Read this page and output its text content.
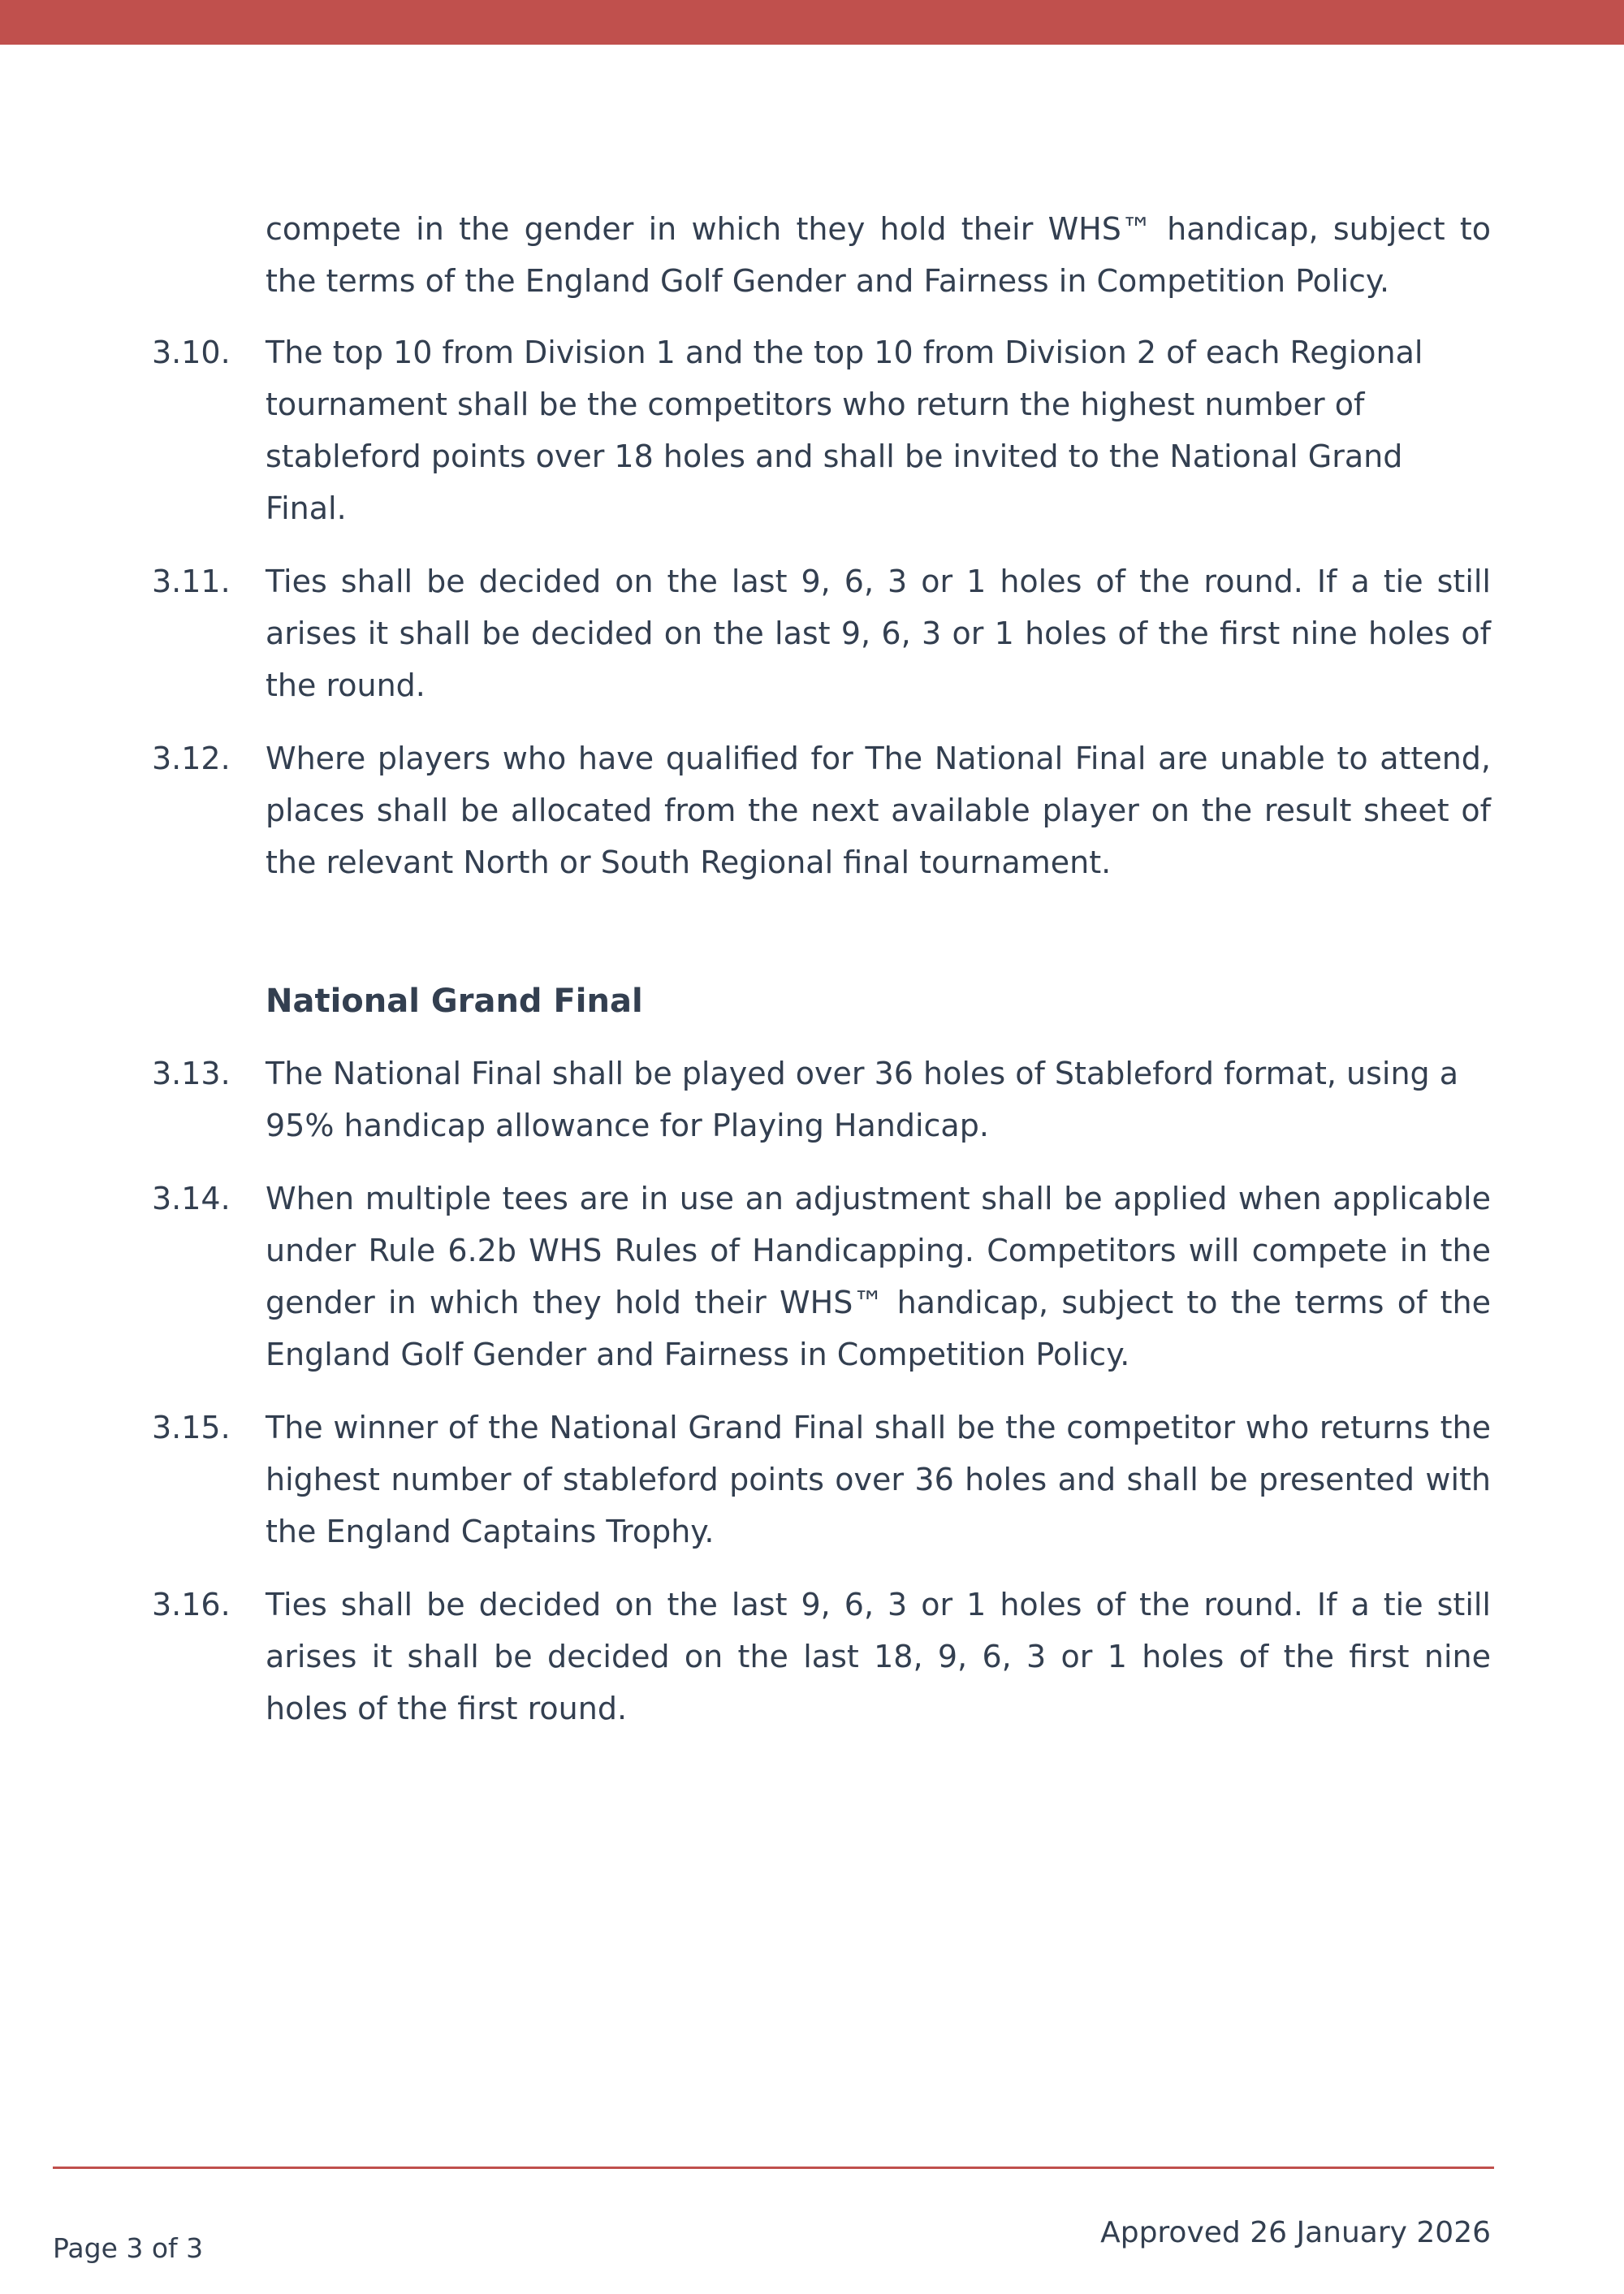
compete in the gender in which they hold their WHS™ handicap, subject to the terms of the England Golf Gender and Fairness in Competition Policy.

3.10.	The top 10 from Division 1 and the top 10 from Division 2 of each Regional tournament shall be the competitors who return the highest number of stableford points over 18 holes and shall be invited to the National Grand Final.
3.11.	Ties shall be decided on the last 9, 6, 3 or 1 holes of the round. If a tie still arises it shall be decided on the last 9, 6, 3 or 1 holes of the first nine holes of the round.
3.12.	Where players who have qualified for The National Final are unable to attend, places shall be allocated from the next available player on the result sheet of the relevant North or South Regional final tournament.
National Grand Final
3.13.	The National Final shall be played over 36 holes of Stableford format, using a 95% handicap allowance for Playing Handicap.
3.14.	When multiple tees are in use an adjustment shall be applied when applicable under Rule 6.2b WHS Rules of Handicapping. Competitors will compete in the gender in which they hold their WHS™ handicap, subject to the terms of the England Golf Gender and Fairness in Competition Policy.
3.15.	The winner of the National Grand Final shall be the competitor who returns the highest number of stableford points over 36 holes and shall be presented with the England Captains Trophy.
3.16.	Ties shall be decided on the last 9, 6, 3 or 1 holes of the round. If a tie still arises it shall be decided on the last 18, 9, 6, 3 or 1 holes of the first nine holes of the first round.
Approved 26 January 2026
Page 3 of 3
